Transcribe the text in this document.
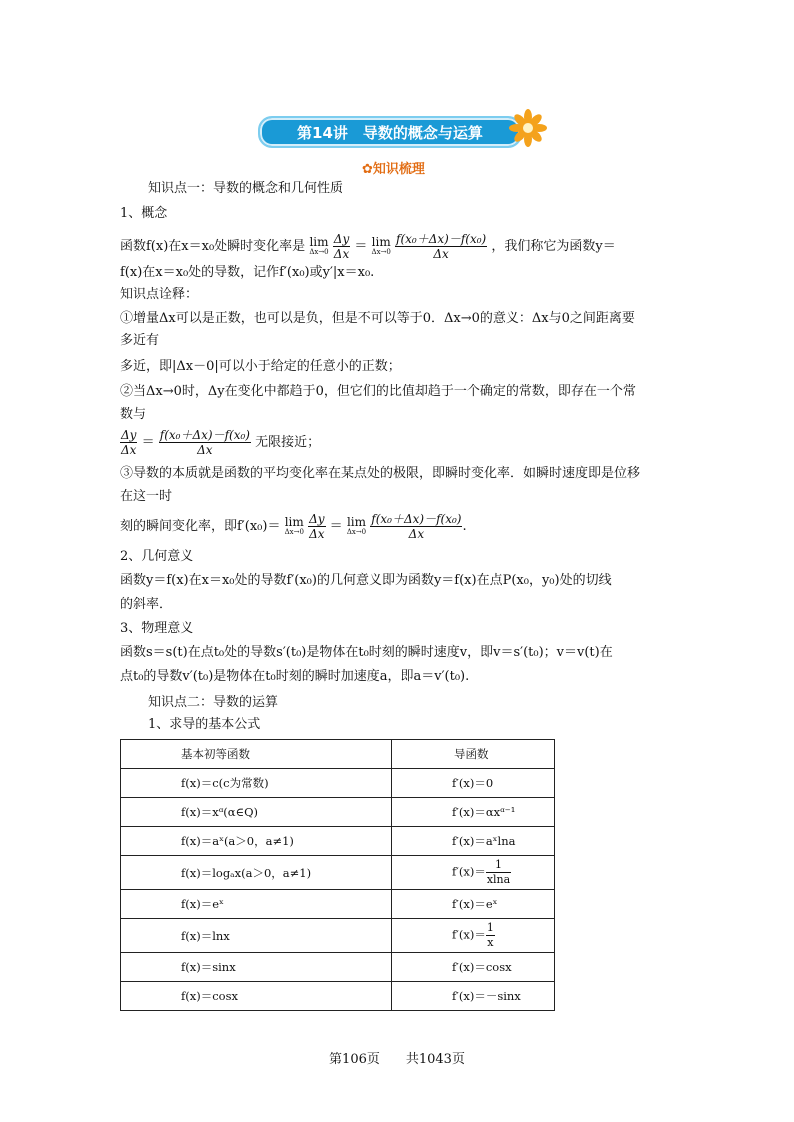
第14讲　导数的概念与运算
✿知识梳理
知识点一：导数的概念和几何性质
1、概念
函数f(x)在x＝x₀处瞬时变化率是 lim
Δx→0
$\frac{\Delta y}{\Delta x} = \lim$
Δx→0
$\frac{\text{f(x₀＋Δx)－f(x₀)}}{\Delta x}$ ，我们称它为函数y＝
f(x)在x＝x₀处的导数，记作f′(x₀)或y′|x＝x₀.
知识点诠释：
①增量Δx可以是正数，也可以是负，但是不可以等于0．Δx→0的意义：Δx与0之间距离要
多近有
多近，即|Δx－0|可以小于给定的任意小的正数；
②当Δx→0时，Δy在变化中都趋于0，但它们的比值却趋于一个确定的常数，即存在一个常
数与
$\frac{\Delta y}{\Delta x} = \frac{\text{f(x₀＋Δx)－f(x₀)}}{\Delta x}$ 无限接近；
③导数的本质就是函数的平均变化率在某点处的极限，即瞬时变化率．如瞬时速度即是位移
在这一时
刻的瞬间变化率，即f′(x₀)＝ lim
Δx→0
$\frac{\Delta y}{\Delta x} = \lim$
Δx→0
$\frac{\text{f(x₀＋Δx)－f(x₀)}}{\Delta x}$ .
2、几何意义
函数y＝f(x)在x＝x₀处的导数f′(x₀)的几何意义即为函数y＝f(x)在点P(x₀，y₀)处的切线
的斜率．
3、物理意义
函数s＝s(t)在点t₀处的导数s′(t₀)是物体在t₀时刻的瞬时速度v，即v＝s′(t₀)；v＝v(t)在
点t₀的导数v′(t₀)是物体在t₀时刻的瞬时加速度a，即a＝v′(t₀).
知识点二：导数的运算
1、求导的基本公式
基本初等函数	导函数
f(x)＝c(c为常数)	f′(x)＝0
f(x)＝xᵅ(α∈Q)	f′(x)＝αxᵅ⁻¹
f(x)＝aˣ(a＞0，a≠1)	f′(x)＝aˣlna
f(x)＝logₐx(a＞0，a≠1)	$f'(x)= \frac{1}{xlna}$

f(x)＝eˣ	f′(x)＝eˣ
f(x)＝lnx	$f'(x)= \frac{1}{x}$

f(x)＝sinx	f′(x)＝cosx
f(x)＝cosx	f′(x)＝－sinx
第106页　　共1043页
